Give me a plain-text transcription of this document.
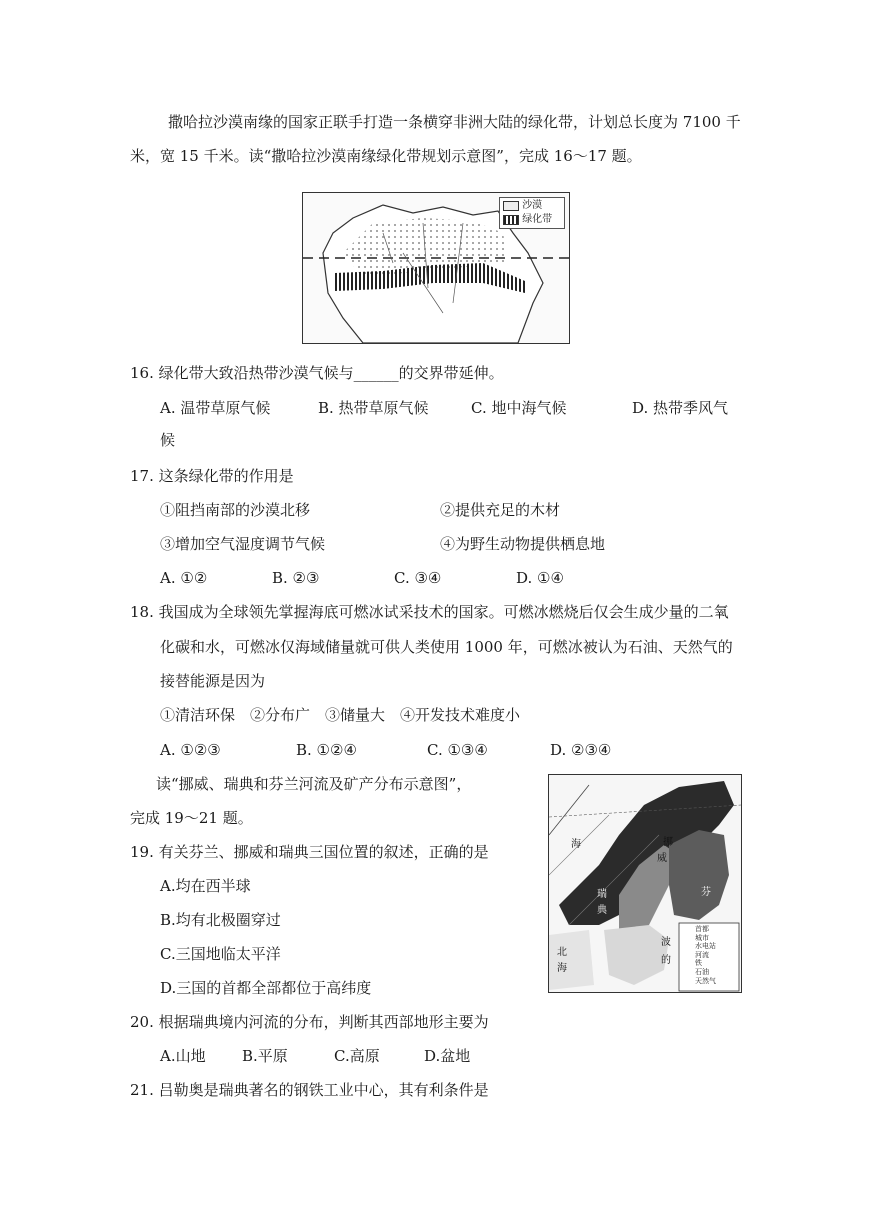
撒哈拉沙漠南缘的国家正联手打造一条横穿非洲大陆的绿化带，计划总长度为 7100 千
米，宽 15 千米。读“撒哈拉沙漠南缘绿化带规划示意图”，完成 16～17 题。
沙漠
绿化带
16. 绿化带大致沿热带沙漠气候与______的交界带延伸。
A. 温带草原气候	B. 热带草原气候	C. 地中海气候	D. 热带季风气
候
17. 这条绿化带的作用是
①阻挡南部的沙漠北移	②提供充足的木材
③增加空气湿度调节气候	④为野生动物提供栖息地
A. ①②	B. ②③	C. ③④	D. ①④
18. 我国成为全球领先掌握海底可燃冰试采技术的国家。可燃冰燃烧后仅会生成少量的二氧
化碳和水，可燃冰仅海域储量就可供人类使用 1000 年，可燃冰被认为石油、天然气的
接替能源是因为
①清洁环保　②分布广　③储量大　④开发技术难度小
A. ①②③	B. ①②④	C. ①③④	D. ②③④
读“挪威、瑞典和芬兰河流及矿产分布示意图”，
完成 19～21 题。
挪
威
海
瑞
典
波
的
北
海
芬
首都
城市
水电站
河流
铁
石油
天然气
19. 有关芬兰、挪威和瑞典三国位置的叙述，正确的是
A.均在西半球
B.均有北极圈穿过
C.三国地临太平洋
D.三国的首都全部都位于高纬度
20. 根据瑞典境内河流的分布，判断其西部地形主要为
A.山地 B.平原	C.高原	D.盆地
21. 吕勒奥是瑞典著名的钢铁工业中心，其有利条件是
